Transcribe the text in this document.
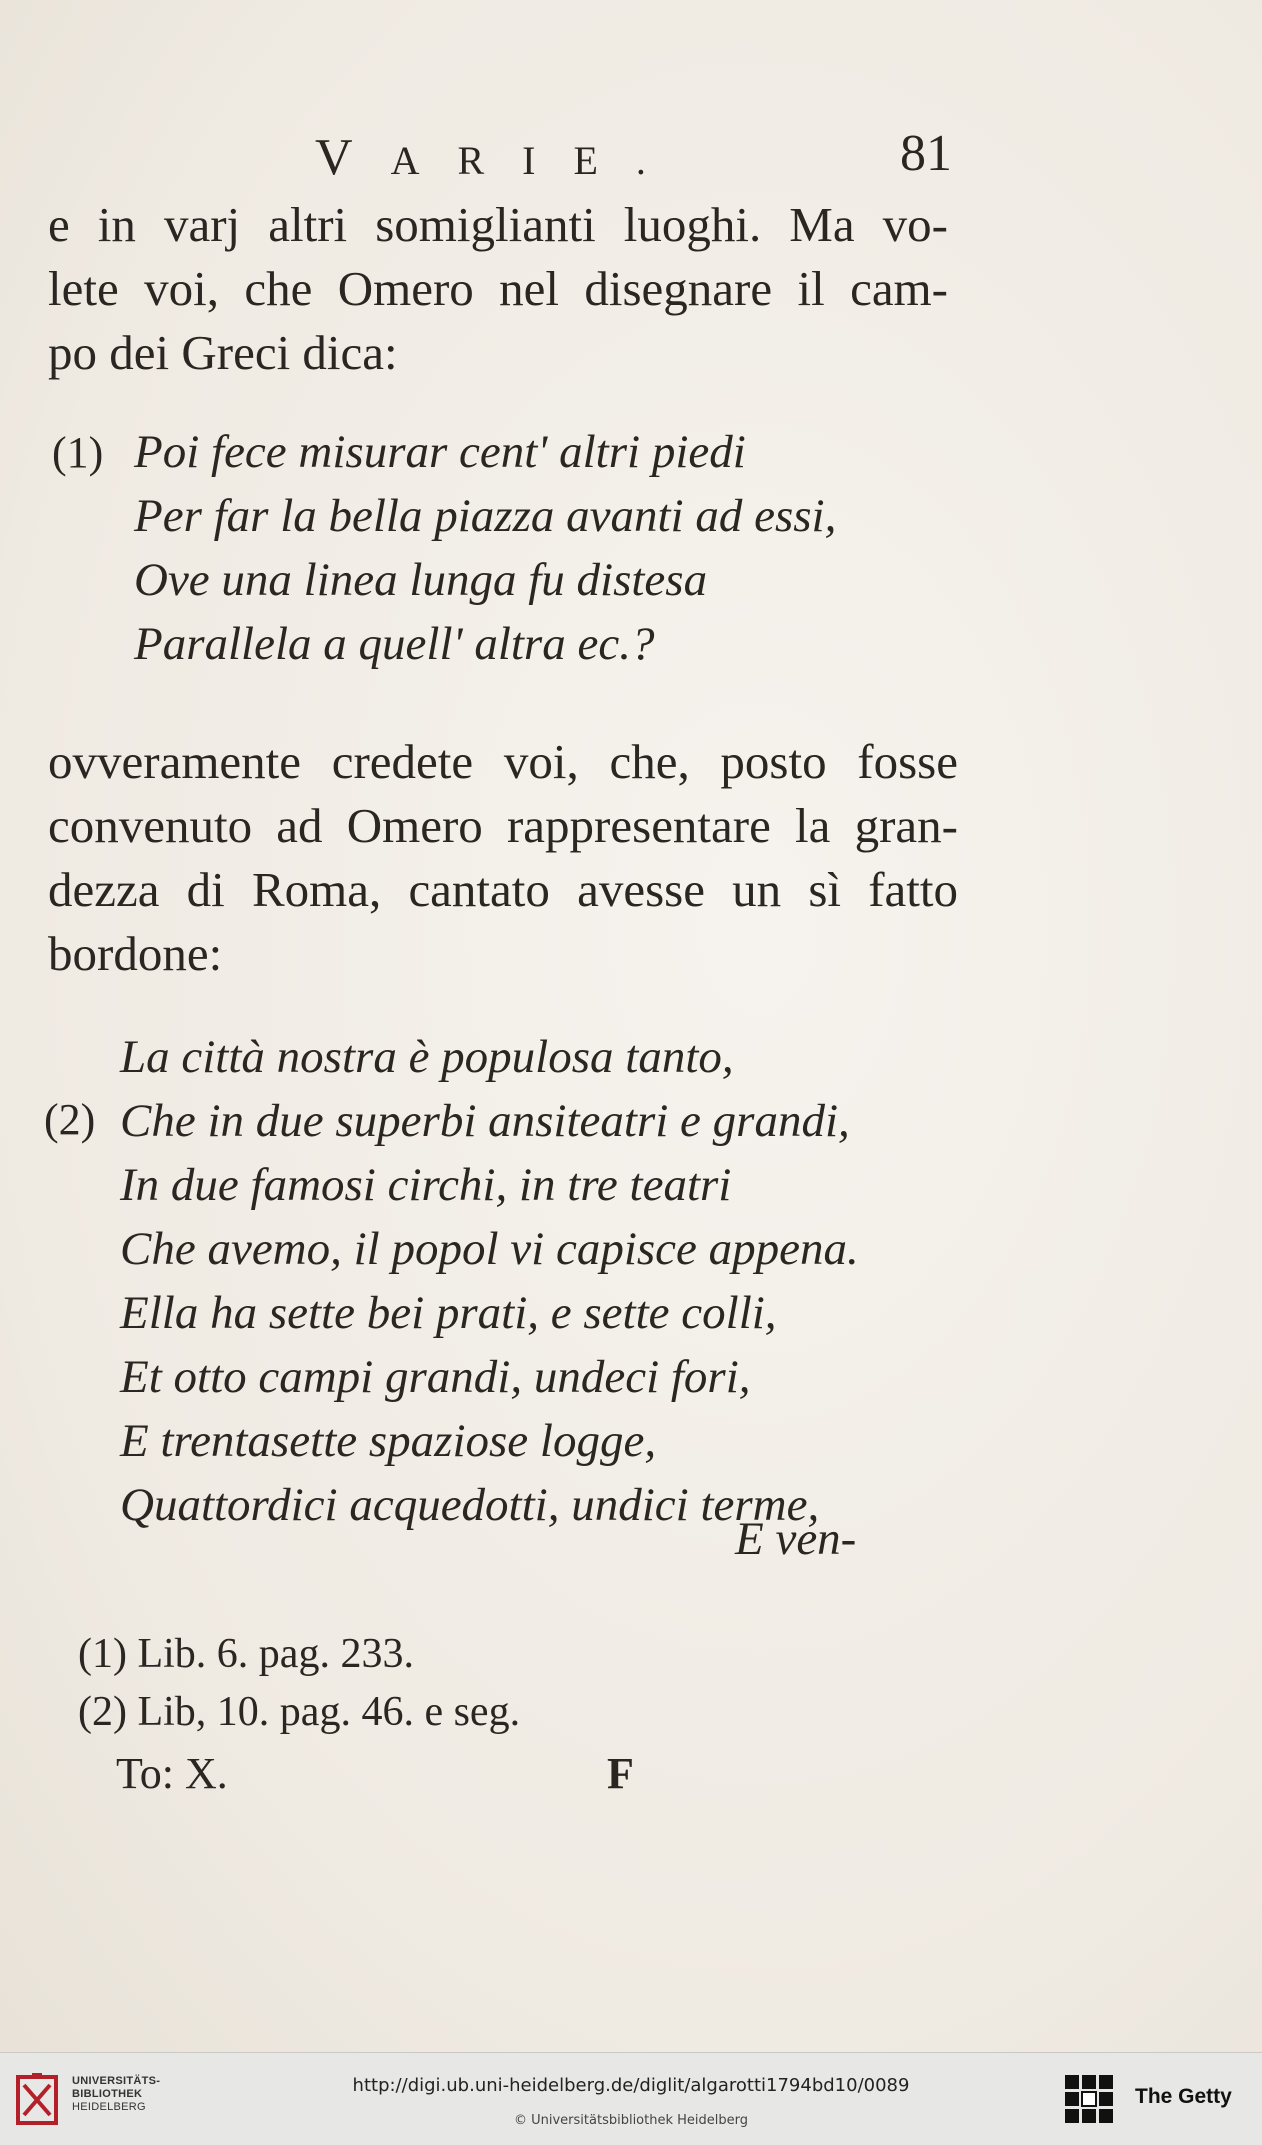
VARIE.	81
e in varj altri somiglianti luoghi. Ma vo-
lete voi, che Omero nel disegnare il cam-
po dei Greci dica:
(1) Poi fece misurar cent' altri piedi
Per far la bella piazza avanti ad essi,
Ove una linea lunga fu distesa
Parallela a quell' altra ec.?
ovveramente credete voi, che, posto fosse
convenuto ad Omero rappresentare la gran-
dezza di Roma, cantato avesse un sì fatto
bordone:
(2)
La città nostra è populosa tanto,
Che in due superbi ansiteatri e grandi,
In due famosi circhi, in tre teatri
Che avemo, il popol vi capisce appena.
Ella ha sette bei prati, e sette colli,
Et otto campi grandi, undeci fori,
E trentasette spaziose logge,
Quattordici acquedotti, undici terme,
E ven-
(1) Lib. 6. pag. 233.
(2) Lib, 10. pag. 46. e seg.
To: X.	F
UNIVERSITÄTS-
BIBLIOTHEK
HEIDELBERG
http://digi.ub.uni-heidelberg.de/diglit/algarotti1794bd10/0089
© Universitätsbibliothek Heidelberg
The Getty
